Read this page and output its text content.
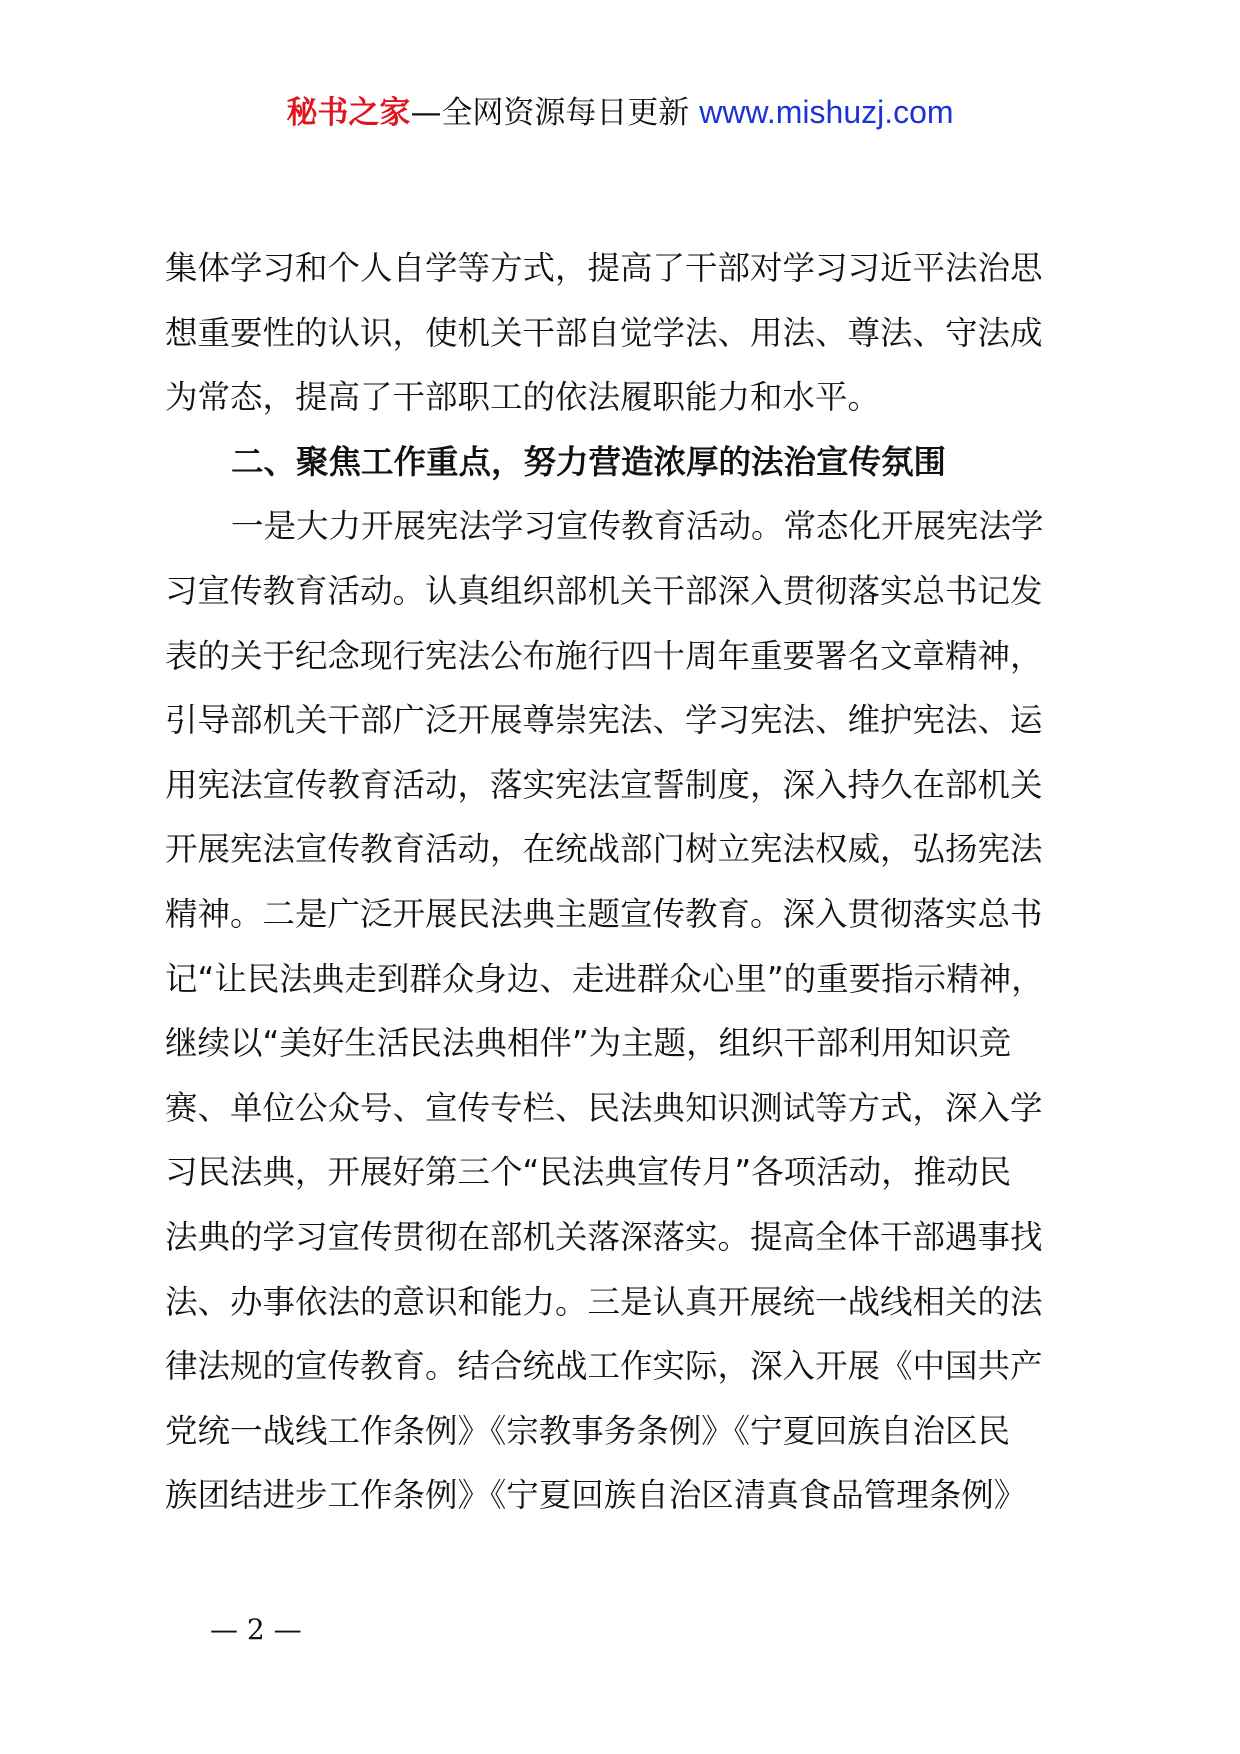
秘书之家—全网资源每日更新 www.mishuzj.com
集体学习和个人自学等方式，提高了干部对学习习近平法治思
想重要性的认识，使机关干部自觉学法、用法、尊法、守法成
为常态，提高了干部职工的依法履职能力和水平。
二、聚焦工作重点，努力营造浓厚的法治宣传氛围
一是大力开展宪法学习宣传教育活动。常态化开展宪法学
习宣传教育活动。认真组织部机关干部深入贯彻落实总书记发
表的关于纪念现行宪法公布施行四十周年重要署名文章精神，
引导部机关干部广泛开展尊崇宪法、学习宪法、维护宪法、运
用宪法宣传教育活动，落实宪法宣誓制度，深入持久在部机关
开展宪法宣传教育活动，在统战部门树立宪法权威，弘扬宪法
精神。二是广泛开展民法典主题宣传教育。深入贯彻落实总书
记“让民法典走到群众身边、走进群众心里”的重要指示精神，
继续以“美好生活民法典相伴”为主题，组织干部利用知识竞
赛、单位公众号、宣传专栏、民法典知识测试等方式，深入学
习民法典，开展好第三个“民法典宣传月”各项活动，推动民
法典的学习宣传贯彻在部机关落深落实。提高全体干部遇事找
法、办事依法的意识和能力。三是认真开展统一战线相关的法
律法规的宣传教育。结合统战工作实际，深入开展《中国共产
党统一战线工作条例》《宗教事务条例》《宁夏回族自治区民
族团结进步工作条例》《宁夏回族自治区清真食品管理条例》
— 2 —
